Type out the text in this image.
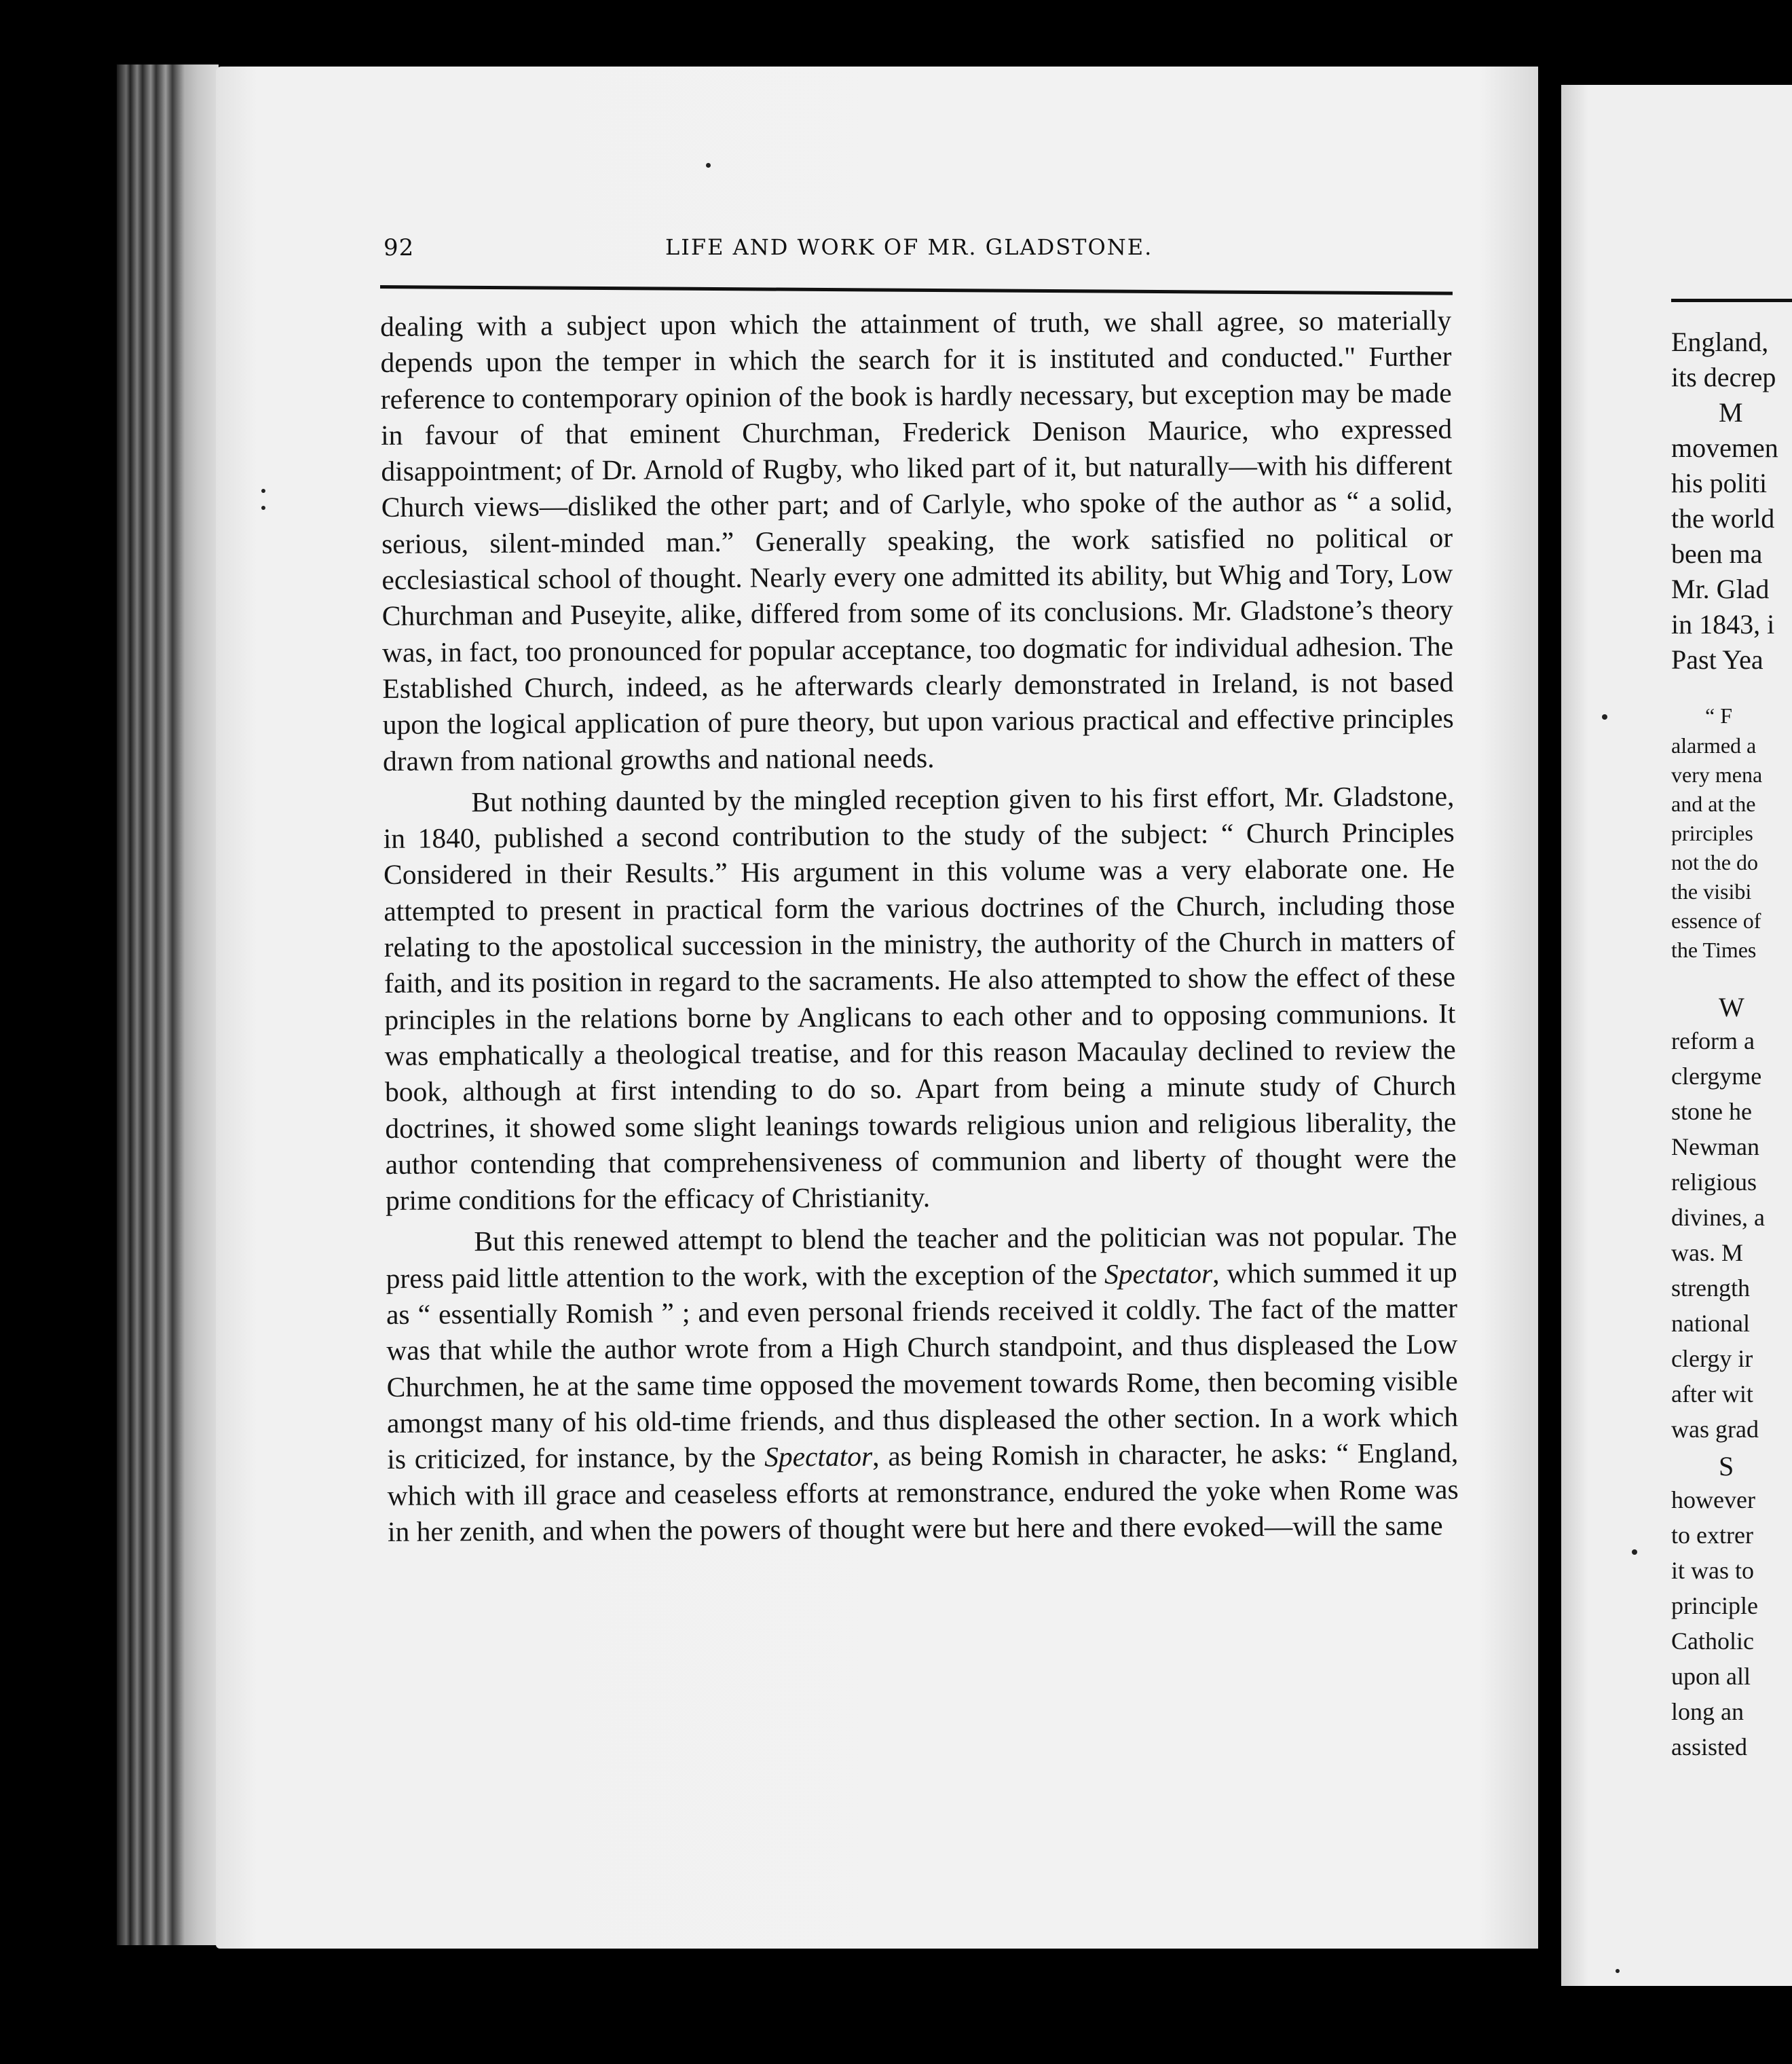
92	LIFE AND WORK OF MR. GLADSTONE.

dealing with a subject upon which the attainment of truth, we shall agree, so materially depends upon the temper in which the search for it is instituted and conducted." Further reference to contemporary opinion of the book is hardly necessary, but exception may be made in favour of that eminent Churchman, Frederick Denison Maurice, who expressed disappointment; of Dr. Arnold of Rugby, who liked part of it, but naturally—with his different Church views—disliked the other part; and of Carlyle, who spoke of the author as “ a solid, serious, silent-minded man.” Generally speaking, the work satisfied no political or ecclesiastical school of thought. Nearly every one admitted its ability, but Whig and Tory, Low Churchman and Puseyite, alike, differed from some of its conclusions. Mr. Gladstone’s theory was, in fact, too pronounced for popular acceptance, too dogmatic for individual adhesion. The Established Church, indeed, as he afterwards clearly demonstrated in Ireland, is not based upon the logical application of pure theory, but upon various practical and effective principles drawn from national growths and national needs.

But nothing daunted by the mingled reception given to his first effort, Mr. Gladstone, in 1840, published a second contribution to the study of the subject: “ Church Principles Considered in their Results.” His argument in this volume was a very elaborate one. He attempted to present in practical form the various doctrines of the Church, including those relating to the apostolical succession in the ministry, the authority of the Church in matters of faith, and its position in regard to the sacraments. He also attempted to show the effect of these principles in the relations borne by Anglicans to each other and to opposing communions. It was emphatically a theological treatise, and for this reason Macaulay declined to review the book, although at first intending to do so. Apart from being a minute study of Church doctrines, it showed some slight leanings towards religious union and religious liberality, the author contending that comprehensiveness of communion and liberty of thought were the prime conditions for the efficacy of Christianity.

But this renewed attempt to blend the teacher and the politician was not popular. The press paid little attention to the work, with the exception of the Spectator, which summed it up as “ essentially Romish ” ; and even personal friends received it coldly. The fact of the matter was that while the author wrote from a High Church standpoint, and thus displeased the Low Churchmen, he at the same time opposed the movement towards Rome, then becoming visible amongst many of his old-time friends, and thus displeased the other section. In a work which is criticized, for instance, by the Spectator, as being Romish in character, he asks: “ England, which with ill grace and ceaseless efforts at remonstrance, endured the yoke when Rome was in her zenith, and when the powers of thought were but here and there evoked—will the same

England,
its decrep
M
movemen
his politi
the world
been ma
Mr. Glad
in 1843, i
Past Yea
“ F
alarmed a
very mena
and at the
prirciples
not the do
the visibi
essence of
the Times
W
reform a
clergyme
stone he
Newman
religious
divines, a
was. M
strength
national
clergy ir
after wit
was grad
S
however
to extrer
it was to
principle
Catholic
upon all
long an
assisted
